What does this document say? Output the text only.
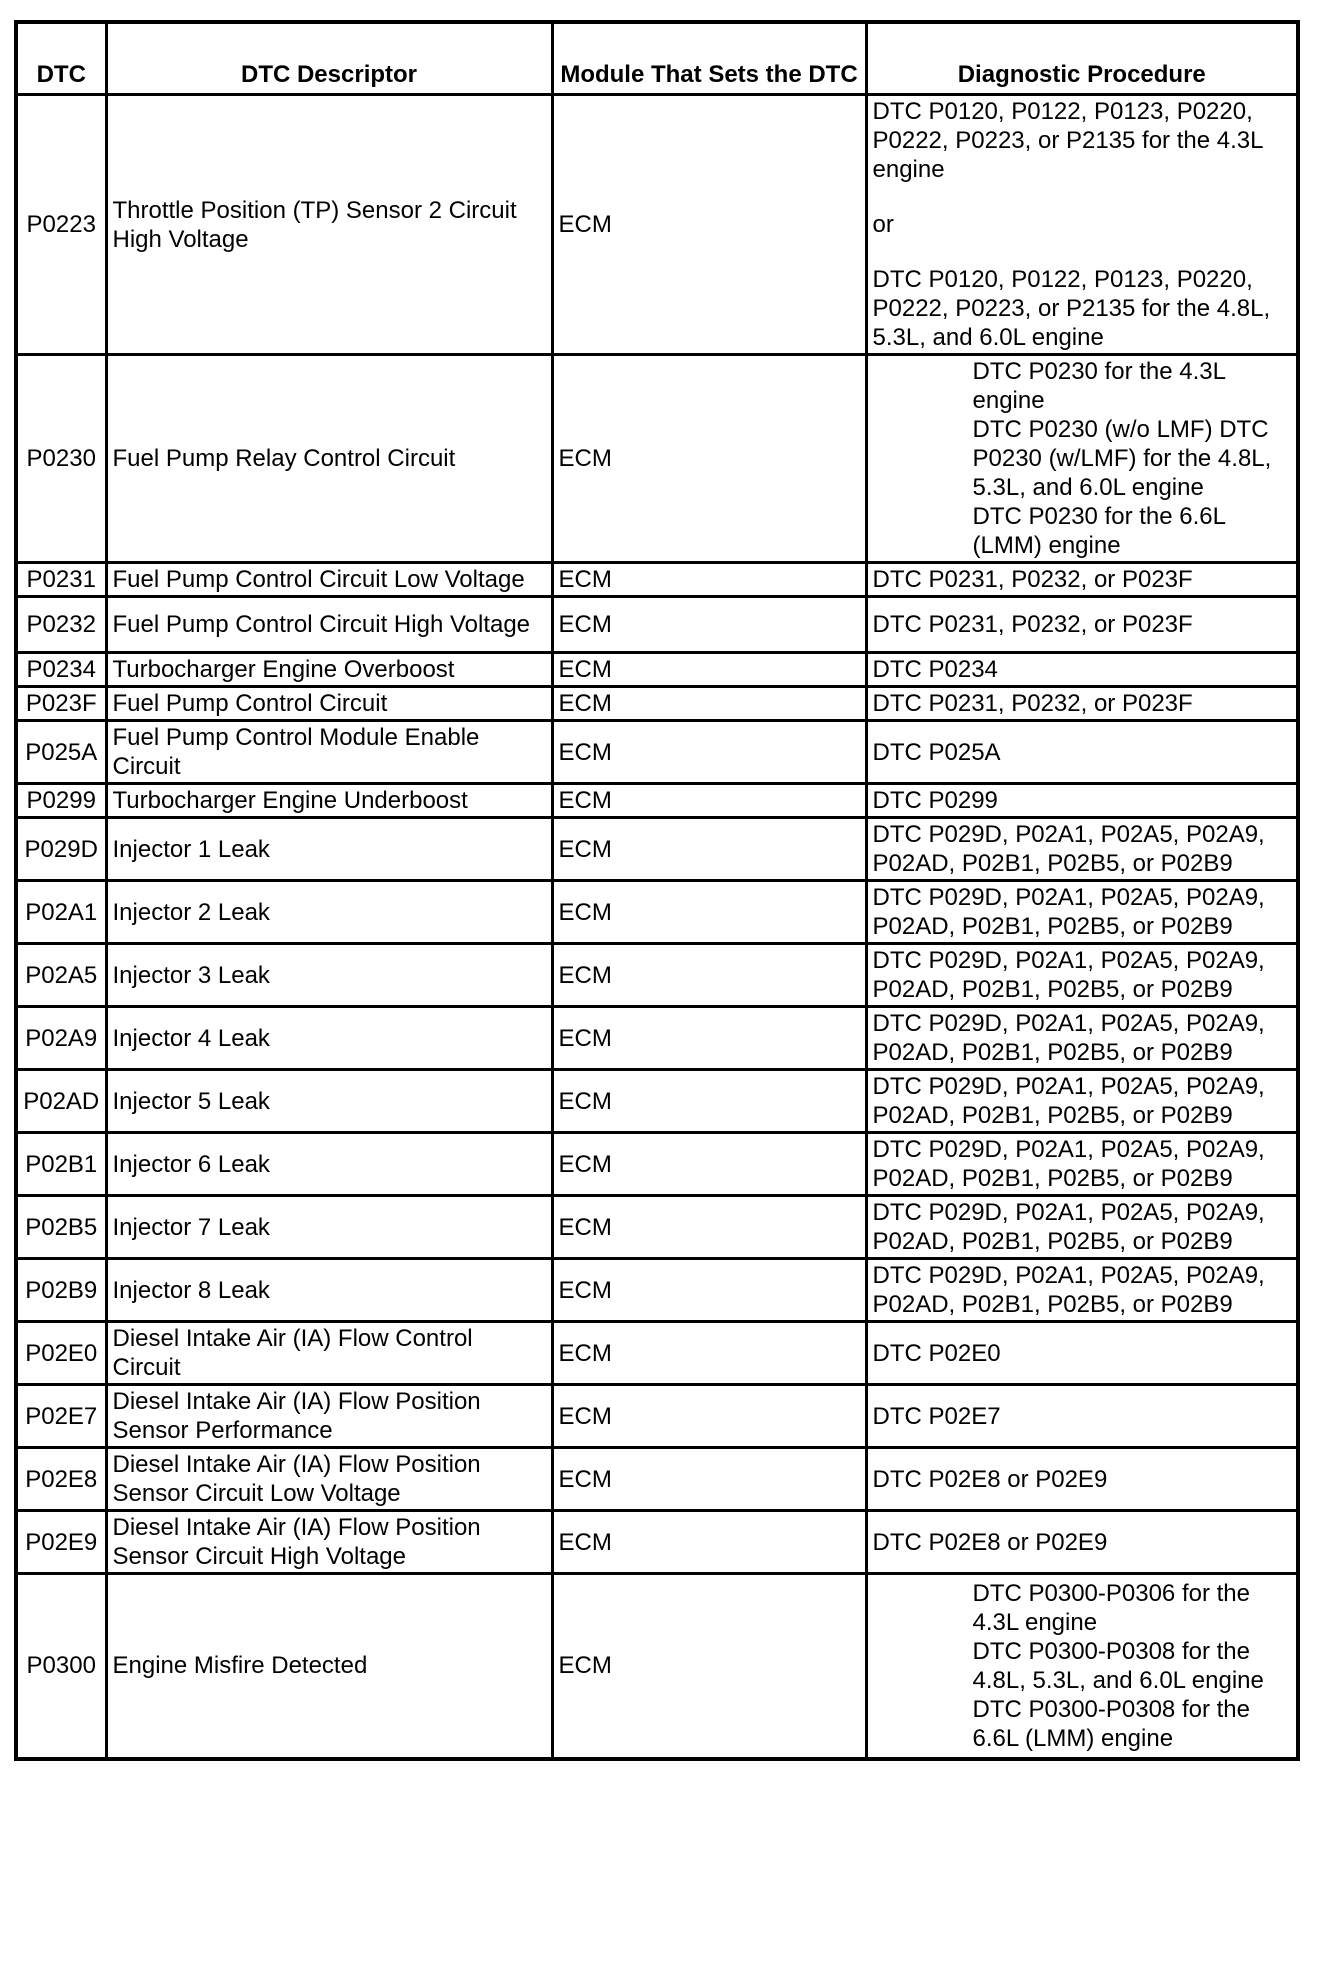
DTC	DTC Descriptor	Module That Sets the DTC	Diagnostic Procedure
P0223	Throttle Position (TP) Sensor 2 Circuit High Voltage	ECM	DTC P0120, P0122, P0123, P0220, P0222, P0223, or P2135 for the 4.3L engine
or
DTC P0120, P0122, P0123, P0220, P0222, P0223, or P2135 for the 4.8L, 5.3L, and 6.0L engine

P0230	Fuel Pump Relay Control Circuit	ECM	DTC P0230 for the 4.3L engine
DTC P0230 (w/o LMF) DTC P0230 (w/LMF) for the 4.8L, 5.3L, and 6.0L engine
DTC P0230 for the 6.6L (LMM) engine

P0231	Fuel Pump Control Circuit Low Voltage	ECM	DTC P0231, P0232, or P023F
P0232	Fuel Pump Control Circuit High Voltage	ECM	DTC P0231, P0232, or P023F
P0234	Turbocharger Engine Overboost	ECM	DTC P0234
P023F	Fuel Pump Control Circuit	ECM	DTC P0231, P0232, or P023F
P025A	Fuel Pump Control Module Enable Circuit	ECM	DTC P025A
P0299	Turbocharger Engine Underboost	ECM	DTC P0299
P029D	Injector 1 Leak	ECM	DTC P029D, P02A1, P02A5, P02A9, P02AD, P02B1, P02B5, or P02B9
P02A1	Injector 2 Leak	ECM	DTC P029D, P02A1, P02A5, P02A9, P02AD, P02B1, P02B5, or P02B9
P02A5	Injector 3 Leak	ECM	DTC P029D, P02A1, P02A5, P02A9, P02AD, P02B1, P02B5, or P02B9
P02A9	Injector 4 Leak	ECM	DTC P029D, P02A1, P02A5, P02A9, P02AD, P02B1, P02B5, or P02B9
P02AD	Injector 5 Leak	ECM	DTC P029D, P02A1, P02A5, P02A9, P02AD, P02B1, P02B5, or P02B9
P02B1	Injector 6 Leak	ECM	DTC P029D, P02A1, P02A5, P02A9, P02AD, P02B1, P02B5, or P02B9
P02B5	Injector 7 Leak	ECM	DTC P029D, P02A1, P02A5, P02A9, P02AD, P02B1, P02B5, or P02B9
P02B9	Injector 8 Leak	ECM	DTC P029D, P02A1, P02A5, P02A9, P02AD, P02B1, P02B5, or P02B9
P02E0	Diesel Intake Air (IA) Flow Control Circuit	ECM	DTC P02E0
P02E7	Diesel Intake Air (IA) Flow Position Sensor Performance	ECM	DTC P02E7
P02E8	Diesel Intake Air (IA) Flow Position Sensor Circuit Low Voltage	ECM	DTC P02E8 or P02E9
P02E9	Diesel Intake Air (IA) Flow Position Sensor Circuit High Voltage	ECM	DTC P02E8 or P02E9
P0300	Engine Misfire Detected	ECM	DTC P0300-P0306 for the 4.3L engine
DTC P0300-P0308 for the 4.8L, 5.3L, and 6.0L engine
DTC P0300-P0308 for the 6.6L (LMM) engine
